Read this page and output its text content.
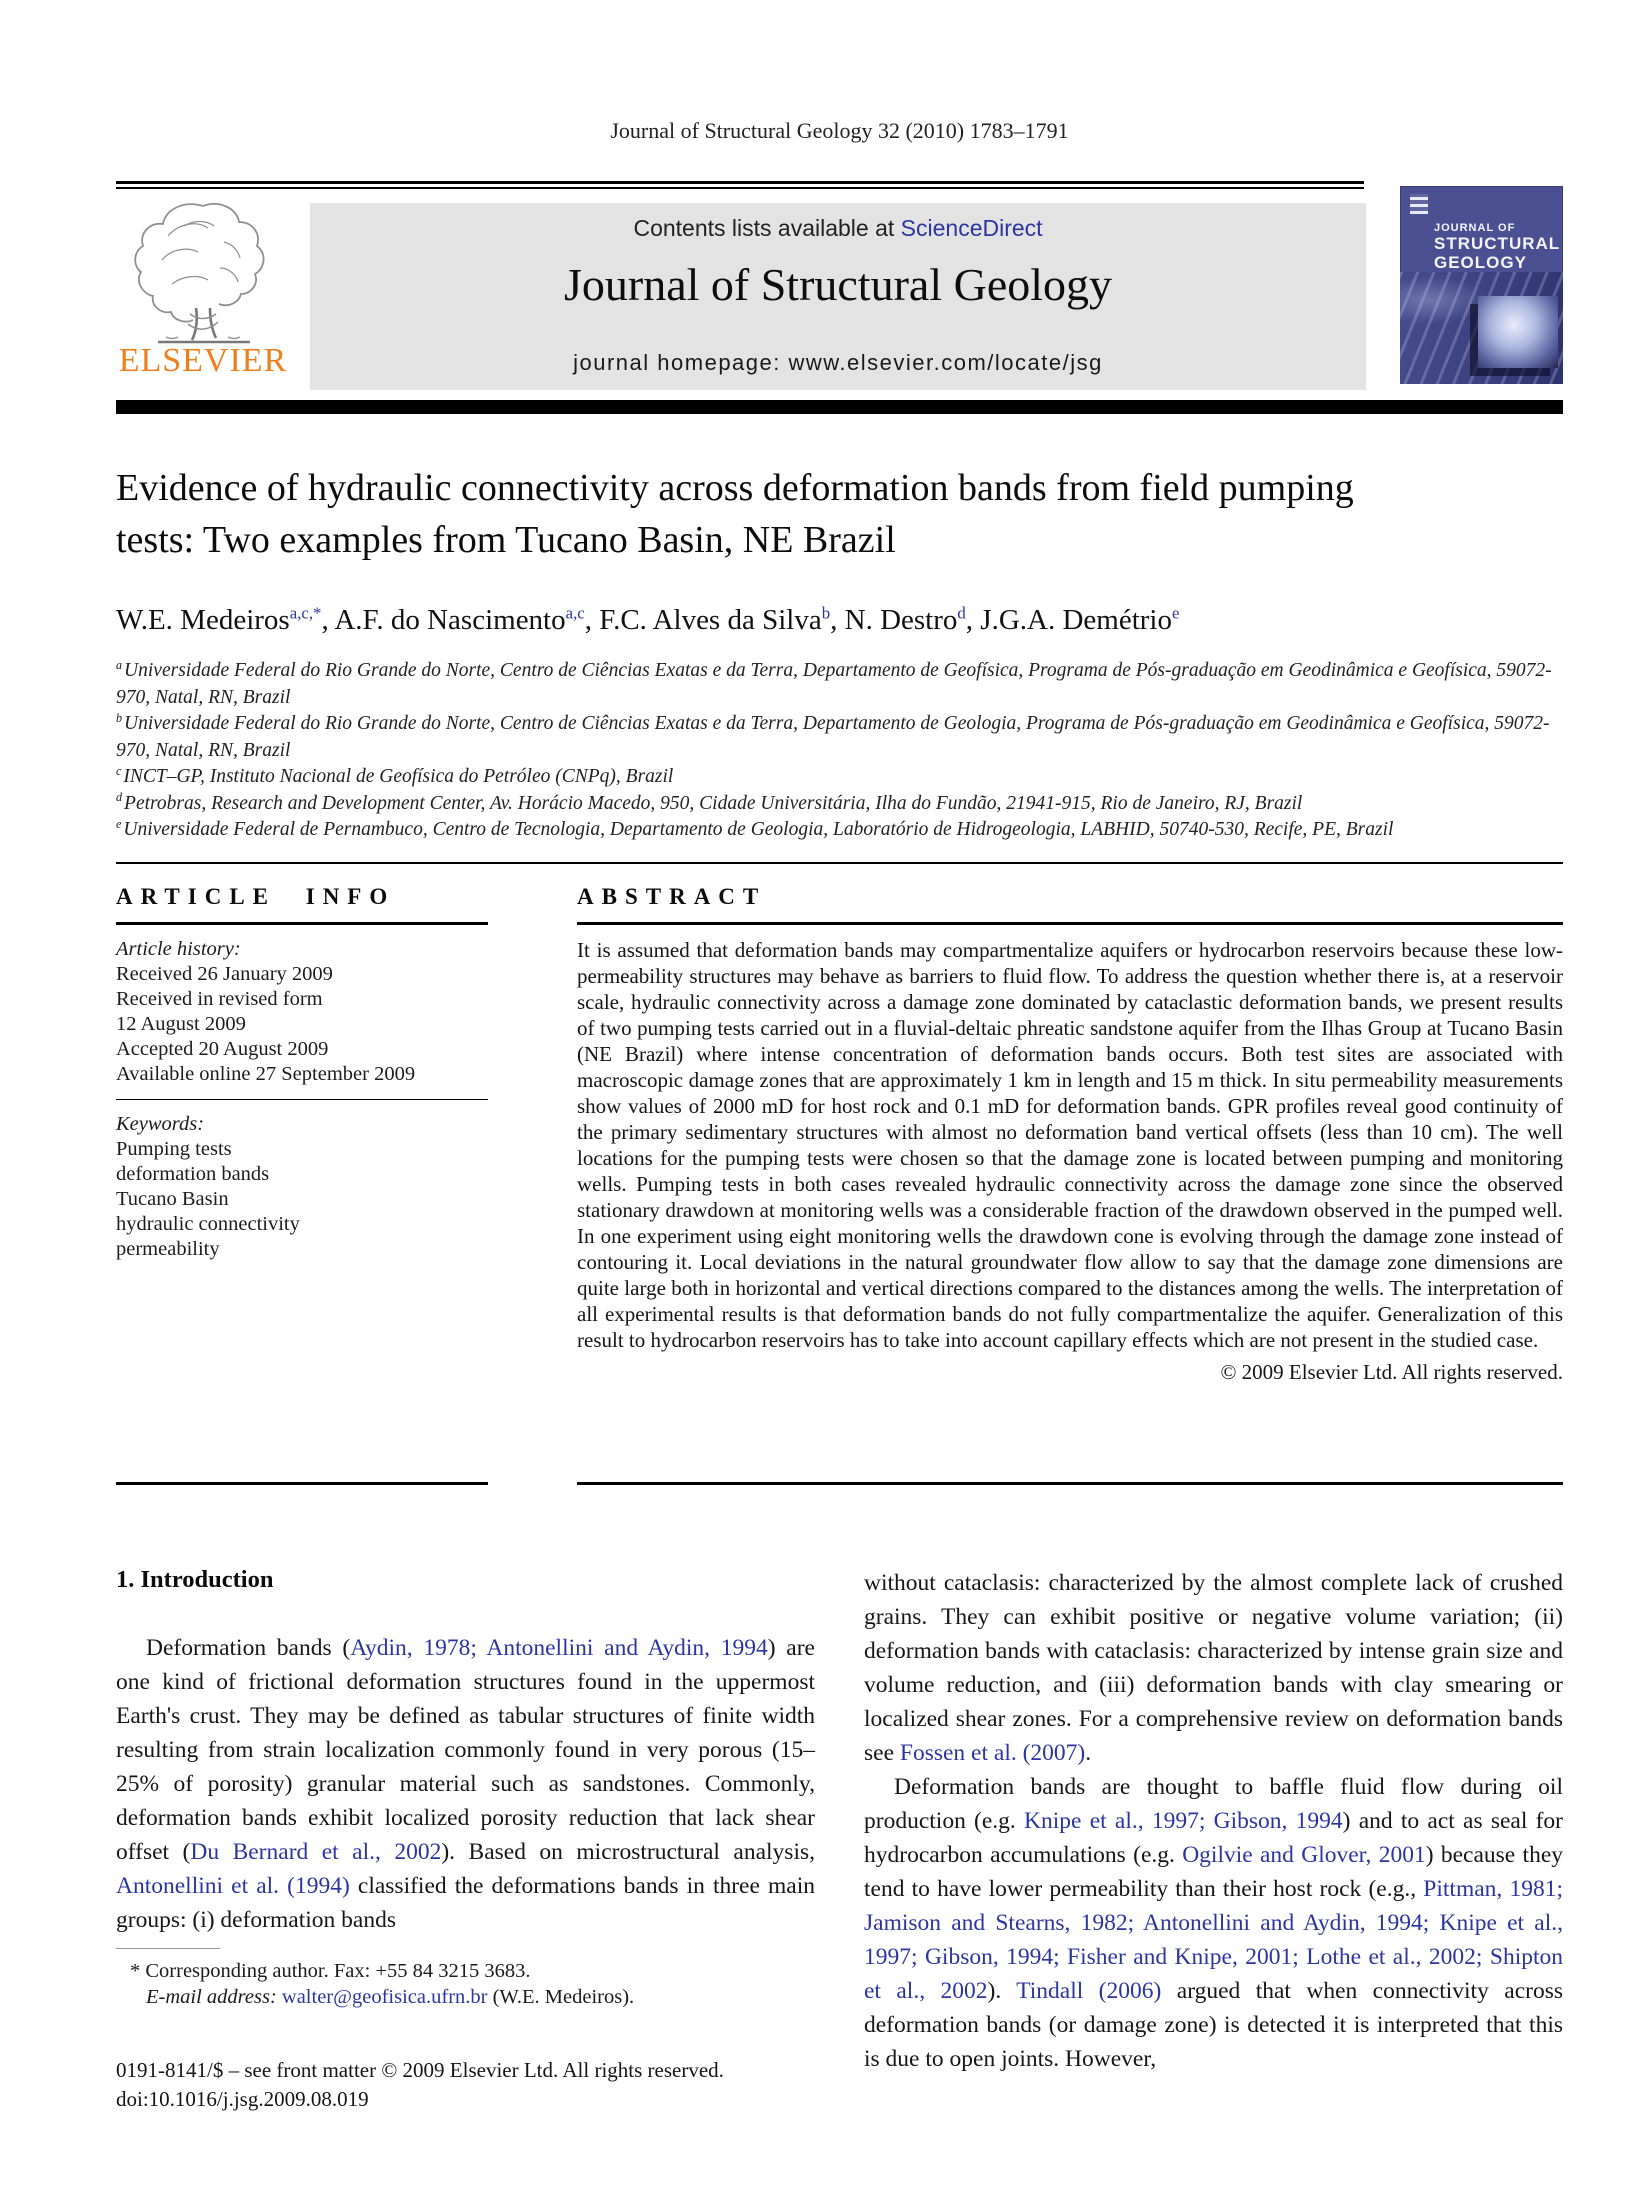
Journal of Structural Geology 32 (2010) 1783–1791
ELSEVIER
Contents lists available at ScienceDirect
Journal of Structural Geology
journal homepage: www.elsevier.com/locate/jsg
JOURNAL OF
STRUCTURAL
GEOLOGY
Evidence of hydraulic connectivity across deformation bands from field pumping
tests: Two examples from Tucano Basin, NE Brazil
W.E. Medeiros$^{a,c,*}$, A.F. do Nascimento$^{a,c}$, F.C. Alves da Silva$^b$, N. Destro$^d$, J.G.A. Demétrio$^e$
$^a$ Universidade Federal do Rio Grande do Norte, Centro de Ciências Exatas e da Terra, Departamento de Geofísica, Programa de Pós-graduação em Geodinâmica e Geofísica, 59072-970, Natal, RN, Brazil
$^b$ Universidade Federal do Rio Grande do Norte, Centro de Ciências Exatas e da Terra, Departamento de Geologia, Programa de Pós-graduação em Geodinâmica e Geofísica, 59072-970, Natal, RN, Brazil
$^c$ INCT–GP, Instituto Nacional de Geofísica do Petróleo (CNPq), Brazil
$^d$ Petrobras, Research and Development Center, Av. Horácio Macedo, 950, Cidade Universitária, Ilha do Fundão, 21941-915, Rio de Janeiro, RJ, Brazil
$^e$ Universidade Federal de Pernambuco, Centro de Tecnologia, Departamento de Geologia, Laboratório de Hidrogeologia, LABHID, 50740-530, Recife, PE, Brazil
ARTICLE INFO
Article history:
Received 26 January 2009
Received in revised form
12 August 2009
Accepted 20 August 2009
Available online 27 September 2009
Keywords:
Pumping tests
deformation bands
Tucano Basin
hydraulic connectivity
permeability
ABSTRACT

It is assumed that deformation bands may compartmentalize aquifers or hydrocarbon reservoirs because these low-permeability structures may behave as barriers to fluid flow. To address the question whether there is, at a reservoir scale, hydraulic connectivity across a damage zone dominated by cataclastic deformation bands, we present results of two pumping tests carried out in a fluvial-deltaic phreatic sandstone aquifer from the Ilhas Group at Tucano Basin (NE Brazil) where intense concentration of deformation bands occurs. Both test sites are associated with macroscopic damage zones that are approximately 1 km in length and 15 m thick. In situ permeability measurements show values of 2000 mD for host rock and 0.1 mD for deformation bands. GPR profiles reveal good continuity of the primary sedimentary structures with almost no deformation band vertical offsets (less than 10 cm). The well locations for the pumping tests were chosen so that the damage zone is located between pumping and monitoring wells. Pumping tests in both cases revealed hydraulic connectivity across the damage zone since the observed stationary drawdown at monitoring wells was a considerable fraction of the drawdown observed in the pumped well. In one experiment using eight monitoring wells the drawdown cone is evolving through the damage zone instead of contouring it. Local deviations in the natural groundwater flow allow to say that the damage zone dimensions are quite large both in horizontal and vertical directions compared to the distances among the wells. The interpretation of all experimental results is that deformation bands do not fully compartmentalize the aquifer. Generalization of this result to hydrocarbon reservoirs has to take into account capillary effects which are not present in the studied case.

© 2009 Elsevier Ltd. All rights reserved.
1. Introduction

Deformation bands (Aydin, 1978; Antonellini and Aydin, 1994) are one kind of frictional deformation structures found in the uppermost Earth's crust. They may be defined as tabular structures of finite width resulting from strain localization commonly found in very porous (15–25% of porosity) granular material such as sandstones. Commonly, deformation bands exhibit localized porosity reduction that lack shear offset (Du Bernard et al., 2002). Based on microstructural analysis, Antonellini et al. (1994) classified the deformations bands in three main groups: (i) deformation bands

without cataclasis: characterized by the almost complete lack of crushed grains. They can exhibit positive or negative volume variation; (ii) deformation bands with cataclasis: characterized by intense grain size and volume reduction, and (iii) deformation bands with clay smearing or localized shear zones. For a comprehensive review on deformation bands see Fossen et al. (2007).

Deformation bands are thought to baffle fluid flow during oil production (e.g. Knipe et al., 1997; Gibson, 1994) and to act as seal for hydrocarbon accumulations (e.g. Ogilvie and Glover, 2001) because they tend to have lower permeability than their host rock (e.g., Pittman, 1981; Jamison and Stearns, 1982; Antonellini and Aydin, 1994; Knipe et al., 1997; Gibson, 1994; Fisher and Knipe, 2001; Lothe et al., 2002; Shipton et al., 2002). Tindall (2006) argued that when connectivity across deformation bands (or damage zone) is detected it is interpreted that this is due to open joints. However,

* Corresponding author. Fax: +55 84 3215 3683.
E-mail address: walter@geofisica.ufrn.br (W.E. Medeiros).
0191-8141/$ – see front matter © 2009 Elsevier Ltd. All rights reserved.
doi:10.1016/j.jsg.2009.08.019
